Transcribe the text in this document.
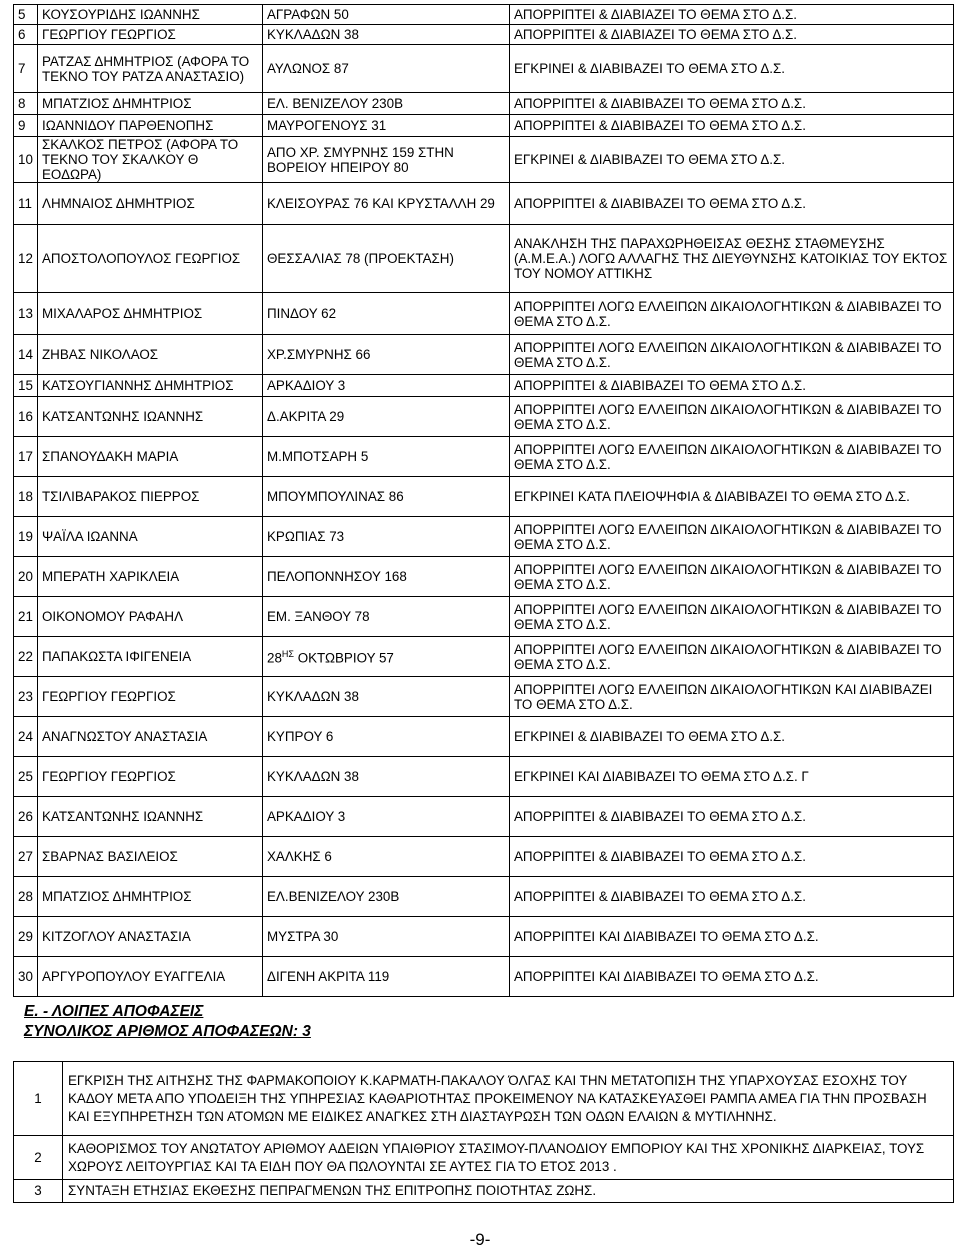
5	ΚΟΥΣΟΥΡΙΔΗΣ ΙΩΑΝΝΗΣ	ΑΓΡΑΦΩΝ 50	ΑΠΟΡΡΙΠΤΕΙ & ΔΙΑΒΙΑΖΕΙ ΤΟ ΘΕΜΑ ΣΤΟ Δ.Σ.
6	ΓΕΩΡΓΙΟΥ ΓΕΩΡΓΙΟΣ	ΚΥΚΛΑΔΩΝ 38	ΑΠΟΡΡΙΠΤΕΙ & ΔΙΑΒΙΑΖΕΙ ΤΟ ΘΕΜΑ ΣΤΟ Δ.Σ.
7	ΡΑΤΖΑΣ ΔΗΜΗΤΡΙΟΣ (ΑΦΟΡΑ ΤΟ ΤΕΚΝΟ ΤΟΥ ΡΑΤΖΑ ΑΝΑΣΤΑΣΙΟ)	ΑΥΛΩΝΟΣ 87	ΕΓΚΡΙΝΕΙ & ΔΙΑΒΙΒΑΖΕΙ ΤΟ ΘΕΜΑ ΣΤΟ Δ.Σ.
8	ΜΠΑΤΖΙΟΣ ΔΗΜΗΤΡΙΟΣ	ΕΛ. ΒΕΝΙΖΕΛΟΥ 230Β	ΑΠΟΡΡΙΠΤΕΙ & ΔΙΑΒΙΒΑΖΕΙ ΤΟ ΘΕΜΑ ΣΤΟ Δ.Σ.
9	ΙΩΑΝΝΙΔΟΥ ΠΑΡΘΕΝΟΠΗΣ	ΜΑΥΡΟΓΕΝΟΥΣ 31	ΑΠΟΡΡΙΠΤΕΙ & ΔΙΑΒΙΒΑΖΕΙ ΤΟ ΘΕΜΑ ΣΤΟ Δ.Σ.
10	ΣΚΑΛΚΟΣ ΠΕΤΡΟΣ (ΑΦΟΡΑ ΤΟ ΤΕΚΝΟ ΤΟΥ ΣΚΑΛΚΟΥ Θ ΕΟΔΩΡΑ)	ΑΠΟ ΧΡ. ΣΜΥΡΝΗΣ 159 ΣΤΗΝ ΒΟΡΕΙΟΥ ΗΠΕΙΡΟΥ 80	ΕΓΚΡΙΝΕΙ & ΔΙΑΒΙΒΑΖΕΙ ΤΟ ΘΕΜΑ ΣΤΟ Δ.Σ.
11	ΛΗΜΝΑΙΟΣ ΔΗΜΗΤΡΙΟΣ	ΚΛΕΙΣΟΥΡΑΣ 76 ΚΑΙ ΚΡΥΣΤΑΛΛΗ 29	ΑΠΟΡΡΙΠΤΕΙ & ΔΙΑΒΙΒΑΖΕΙ ΤΟ ΘΕΜΑ ΣΤΟ Δ.Σ.
12	ΑΠΟΣΤΟΛΟΠΟΥΛΟΣ ΓΕΩΡΓΙΟΣ	ΘΕΣΣΑΛΙΑΣ 78 (ΠΡΟΕΚΤΑΣΗ)	ΑΝΑΚΛΗΣΗ ΤΗΣ ΠΑΡΑΧΩΡΗΘΕΙΣΑΣ ΘΕΣΗΣ ΣΤΑΘΜΕΥΣΗΣ (Α.Μ.Ε.Α.) ΛΟΓΩ ΑΛΛΑΓΗΣ ΤΗΣ ΔΙΕΥΘΥΝΣΗΣ ΚΑΤΟΙΚΙΑΣ ΤΟΥ ΕΚΤΟΣ ΤΟΥ ΝΟΜΟΥ ΑΤΤΙΚΗΣ
13	ΜΙΧΑΛΑΡΟΣ ΔΗΜΗΤΡΙΟΣ	ΠΙΝΔΟΥ 62	ΑΠΟΡΡΙΠΤΕΙ ΛΟΓΩ ΕΛΛΕΙΠΩΝ ΔΙΚΑΙΟΛΟΓΗΤΙΚΩΝ & ΔΙΑΒΙΒΑΖΕΙ ΤΟ ΘΕΜΑ ΣΤΟ Δ.Σ.
14	ΖΗΒΑΣ ΝΙΚΟΛΑΟΣ	ΧΡ.ΣΜΥΡΝΗΣ 66	ΑΠΟΡΡΙΠΤΕΙ ΛΟΓΩ ΕΛΛΕΙΠΩΝ ΔΙΚΑΙΟΛΟΓΗΤΙΚΩΝ & ΔΙΑΒΙΒΑΖΕΙ ΤΟ ΘΕΜΑ ΣΤΟ Δ.Σ.
15	ΚΑΤΣΟΥΓΙΑΝΝΗΣ ΔΗΜΗΤΡΙΟΣ	ΑΡΚΑΔΙΟΥ 3	ΑΠΟΡΡΙΠΤΕΙ & ΔΙΑΒΙΒΑΖΕΙ ΤΟ ΘΕΜΑ ΣΤΟ Δ.Σ.
16	ΚΑΤΣΑΝΤΩΝΗΣ ΙΩΑΝΝΗΣ	Δ.ΑΚΡΙΤΑ 29	ΑΠΟΡΡΙΠΤΕΙ ΛΟΓΩ ΕΛΛΕΙΠΩΝ ΔΙΚΑΙΟΛΟΓΗΤΙΚΩΝ & ΔΙΑΒΙΒΑΖΕΙ ΤΟ ΘΕΜΑ ΣΤΟ Δ.Σ.
17	ΣΠΑΝΟΥΔΑΚΗ ΜΑΡΙΑ	Μ.ΜΠΟΤΣΑΡΗ 5	ΑΠΟΡΡΙΠΤΕΙ ΛΟΓΩ ΕΛΛΕΙΠΩΝ ΔΙΚΑΙΟΛΟΓΗΤΙΚΩΝ & ΔΙΑΒΙΒΑΖΕΙ ΤΟ ΘΕΜΑ ΣΤΟ Δ.Σ.
18	ΤΣΙΛΙΒΑΡΑΚΟΣ ΠΙΕΡΡΟΣ	ΜΠΟΥΜΠΟΥΛΙΝΑΣ 86	ΕΓΚΡΙΝΕΙ ΚΑΤΑ ΠΛΕΙΟΨΗΦΙΑ & ΔΙΑΒΙΒΑΖΕΙ ΤΟ ΘΕΜΑ ΣΤΟ Δ.Σ.
19	ΨΑΪΛΑ ΙΩΑΝΝΑ	ΚΡΩΠΙΑΣ 73	ΑΠΟΡΡΙΠΤΕΙ ΛΟΓΩ ΕΛΛΕΙΠΩΝ ΔΙΚΑΙΟΛΟΓΗΤΙΚΩΝ & ΔΙΑΒΙΒΑΖΕΙ ΤΟ ΘΕΜΑ ΣΤΟ Δ.Σ.
20	ΜΠΕΡΑΤΗ ΧΑΡΙΚΛΕΙΑ	ΠΕΛΟΠΟΝΝΗΣΟΥ 168	ΑΠΟΡΡΙΠΤΕΙ ΛΟΓΩ ΕΛΛΕΙΠΩΝ ΔΙΚΑΙΟΛΟΓΗΤΙΚΩΝ & ΔΙΑΒΙΒΑΖΕΙ ΤΟ ΘΕΜΑ ΣΤΟ Δ.Σ.
21	ΟΙΚΟΝΟΜΟΥ ΡΑΦΑΗΛ	ΕΜ. ΞΑΝΘΟΥ 78	ΑΠΟΡΡΙΠΤΕΙ ΛΟΓΩ ΕΛΛΕΙΠΩΝ ΔΙΚΑΙΟΛΟΓΗΤΙΚΩΝ & ΔΙΑΒΙΒΑΖΕΙ ΤΟ ΘΕΜΑ ΣΤΟ Δ.Σ.
22	ΠΑΠΑΚΩΣΤΑ ΙΦΙΓΕΝΕΙΑ	$28^{H\Sigma}$ ΟΚΤΩΒΡΙΟΥ 57	ΑΠΟΡΡΙΠΤΕΙ ΛΟΓΩ ΕΛΛΕΙΠΩΝ ΔΙΚΑΙΟΛΟΓΗΤΙΚΩΝ & ΔΙΑΒΙΒΑΖΕΙ ΤΟ ΘΕΜΑ ΣΤΟ Δ.Σ.
23	ΓΕΩΡΓΙΟΥ ΓΕΩΡΓΙΟΣ	ΚΥΚΛΑΔΩΝ 38	ΑΠΟΡΡΙΠΤΕΙ ΛΟΓΩ ΕΛΛΕΙΠΩΝ ΔΙΚΑΙΟΛΟΓΗΤΙΚΩΝ ΚΑΙ ΔΙΑΒΙΒΑΖΕΙ ΤΟ ΘΕΜΑ ΣΤΟ Δ.Σ.
24	ΑΝΑΓΝΩΣΤΟΥ ΑΝΑΣΤΑΣΙΑ	ΚΥΠΡΟΥ 6	ΕΓΚΡΙΝΕΙ & ΔΙΑΒΙΒΑΖΕΙ ΤΟ ΘΕΜΑ ΣΤΟ Δ.Σ.
25	ΓΕΩΡΓΙΟΥ ΓΕΩΡΓΙΟΣ	ΚΥΚΛΑΔΩΝ 38	ΕΓΚΡΙΝΕΙ ΚΑΙ ΔΙΑΒΙΒΑΖΕΙ ΤΟ ΘΕΜΑ ΣΤΟ Δ.Σ. Γ
26	ΚΑΤΣΑΝΤΩΝΗΣ ΙΩΑΝΝΗΣ	ΑΡΚΑΔΙΟΥ 3	ΑΠΟΡΡΙΠΤΕΙ & ΔΙΑΒΙΒΑΖΕΙ ΤΟ ΘΕΜΑ ΣΤΟ Δ.Σ.
27	ΣΒΑΡΝΑΣ ΒΑΣΙΛΕΙΟΣ	ΧΑΛΚΗΣ 6	ΑΠΟΡΡΙΠΤΕΙ & ΔΙΑΒΙΒΑΖΕΙ ΤΟ ΘΕΜΑ ΣΤΟ Δ.Σ.
28	ΜΠΑΤΖΙΟΣ ΔΗΜΗΤΡΙΟΣ	ΕΛ.ΒΕΝΙΖΕΛΟΥ 230Β	ΑΠΟΡΡΙΠΤΕΙ & ΔΙΑΒΙΒΑΖΕΙ ΤΟ ΘΕΜΑ ΣΤΟ Δ.Σ.
29	ΚΙΤΖΟΓΛΟΥ ΑΝΑΣΤΑΣΙΑ	ΜΥΣΤΡΑ 30	ΑΠΟΡΡΙΠΤΕΙ ΚΑΙ ΔΙΑΒΙΒΑΖΕΙ ΤΟ ΘΕΜΑ ΣΤΟ Δ.Σ.
30	ΑΡΓΥΡΟΠΟΥΛΟΥ ΕΥΑΓΓΕΛΙΑ	ΔΙΓΕΝΗ ΑΚΡΙΤΑ 119	ΑΠΟΡΡΙΠΤΕΙ ΚΑΙ ΔΙΑΒΙΒΑΖΕΙ ΤΟ ΘΕΜΑ ΣΤΟ Δ.Σ.
Ε. - ΛΟΙΠΕΣ ΑΠΟΦΑΣΕΙΣ
ΣΥΝΟΛΙΚΟΣ ΑΡΙΘΜΟΣ ΑΠΟΦΑΣΕΩΝ: 3
1	ΕΓΚΡΙΣΗ ΤΗΣ ΑΙΤΗΣΗΣ ΤΗΣ ΦΑΡΜΑΚΟΠΟΙΟΥ Κ.ΚΑΡΜΑΤΗ-ΠΑΚΑΛΟΥ ΌΛΓΑΣ ΚΑΙ ΤΗΝ ΜΕΤΑΤΟΠΙΣΗ ΤΗΣ ΥΠΑΡΧΟΥΣΑΣ ΕΣΟΧΗΣ ΤΟΥ ΚΑΔΟΥ ΜΕΤΑ ΑΠΟ ΥΠΟΔΕΙΞΗ ΤΗΣ ΥΠΗΡΕΣΙΑΣ ΚΑΘΑΡΙΟΤΗΤΑΣ ΠΡΟΚΕΙΜΕΝΟΥ ΝΑ ΚΑΤΑΣΚΕΥΑΣΘΕΙ ΡΑΜΠΑ ΑΜΕΑ ΓΙΑ ΤΗΝ ΠΡΟΣΒΑΣΗ ΚΑΙ ΕΞΥΠΗΡΕΤΗΣΗ ΤΩΝ ΑΤΟΜΩΝ ΜΕ ΕΙΔΙΚΕΣ ΑΝΑΓΚΕΣ ΣΤΗ ΔΙΑΣΤΑΥΡΩΣΗ ΤΩΝ ΟΔΩΝ ΕΛΑΙΩΝ & ΜΥΤΙΛΗΝΗΣ.
2	ΚΑΘΟΡΙΣΜΟΣ ΤΟΥ ΑΝΩΤΑΤΟΥ ΑΡΙΘΜΟΥ ΑΔΕΙΩΝ ΥΠΑΙΘΡΙΟΥ ΣΤΑΣΙΜΟΥ-ΠΛΑΝΟΔΙΟΥ ΕΜΠΟΡΙΟΥ ΚΑΙ ΤΗΣ ΧΡΟΝΙΚΗΣ ΔΙΑΡΚΕΙΑΣ, ΤΟΥΣ ΧΩΡΟΥΣ ΛΕΙΤΟΥΡΓΙΑΣ ΚΑΙ ΤΑ ΕΙΔΗ ΠΟΥ ΘΑ ΠΩΛΟΥΝΤΑΙ ΣΕ ΑΥΤΕΣ ΓΙΑ ΤΟ ΕΤΟΣ 2013 .
3	ΣΥΝΤΑΞΗ ΕΤΗΣΙΑΣ ΕΚΘΕΣΗΣ ΠΕΠΡΑΓΜΕΝΩΝ ΤΗΣ ΕΠΙΤΡΟΠΗΣ ΠΟΙΟΤΗΤΑΣ ΖΩΗΣ.
-9-
